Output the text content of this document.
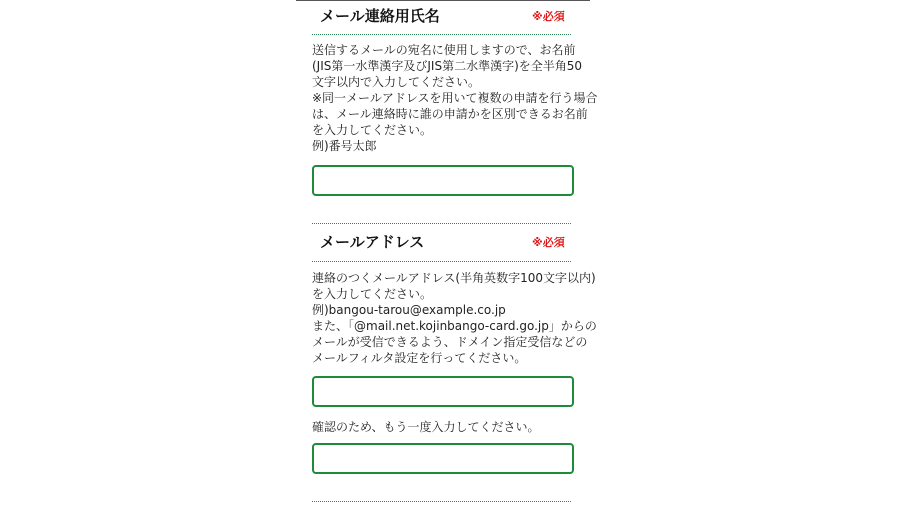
メール連絡用氏名	※必須
送信するメールの宛名に使用しますので、お名前
(JIS第一水準漢字及びJIS第二水準漢字)を全半角50
文字以内で入力してください。
※同一メールアドレスを用いて複数の申請を行う場合
は、メール連絡時に誰の申請かを区別できるお名前
を入力してください。
例)番号太郎
メールアドレス	※必須
連絡のつくメールアドレス(半角英数字100文字以内)
を入力してください。
例)bangou-tarou@example.co.jp
また、「@mail.net.kojinbango-card.go.jp」からの
メールが受信できるよう、ドメイン指定受信などの
メールフィルタ設定を行ってください。
確認のため、もう一度入力してください。
